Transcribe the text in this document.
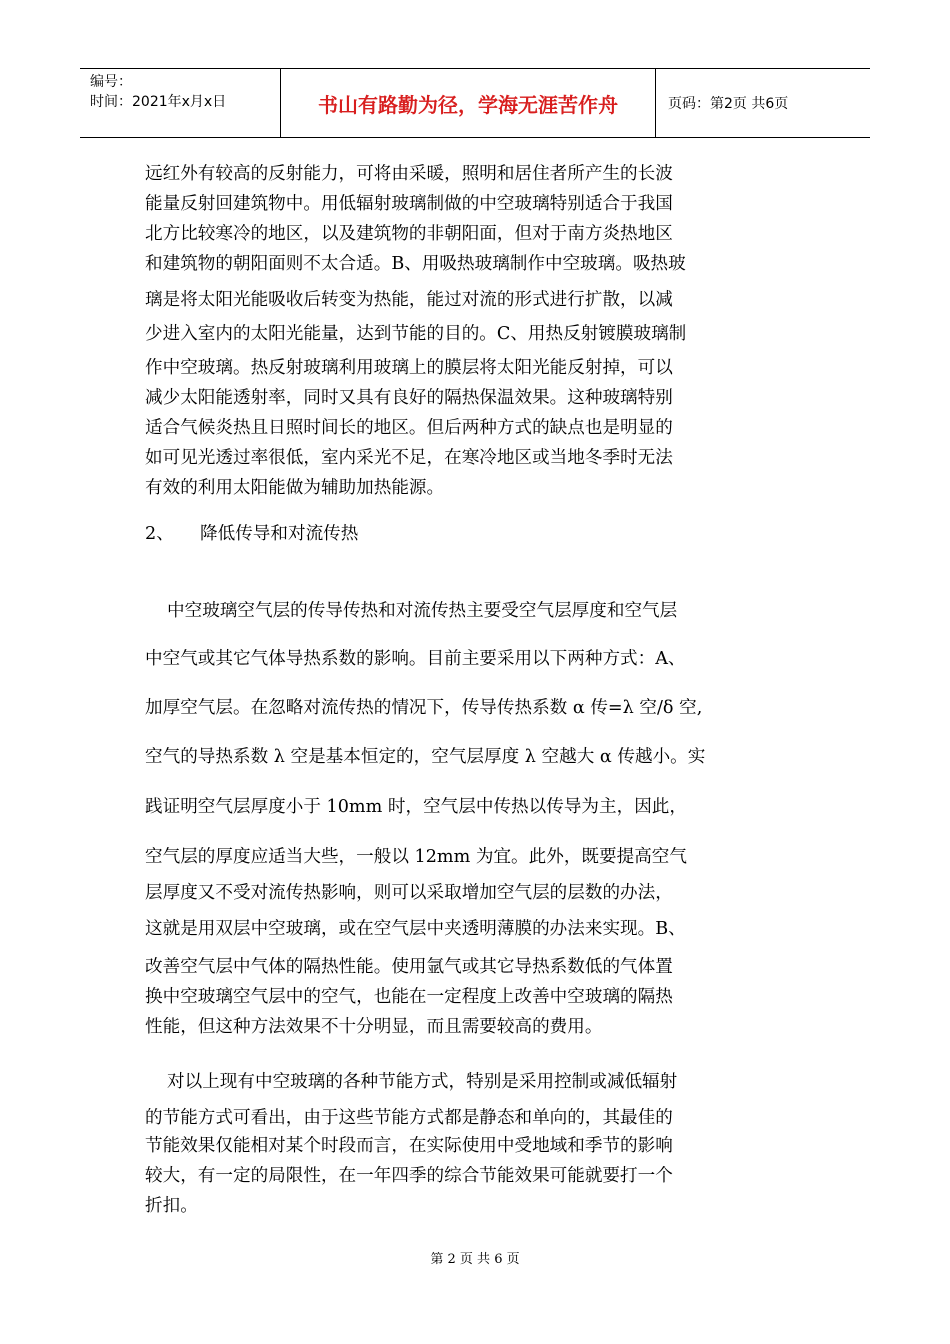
编号：
时间：2021年x月x日	书山有路勤为径，学海无涯苦作舟	页码：第2页 共6页
远红外有较高的反射能力，可将由采暖，照明和居住者所产生的长波
能量反射回建筑物中。用低辐射玻璃制做的中空玻璃特别适合于我国
北方比较寒冷的地区，以及建筑物的非朝阳面，但对于南方炎热地区
和建筑物的朝阳面则不太合适。B、用吸热玻璃制作中空玻璃。吸热玻
璃是将太阳光能吸收后转变为热能，能过对流的形式进行扩散，以减
少进入室内的太阳光能量，达到节能的目的。C、用热反射镀膜玻璃制
作中空玻璃。热反射玻璃利用玻璃上的膜层将太阳光能反射掉，可以
减少太阳能透射率，同时又具有良好的隔热保温效果。这种玻璃特别
适合气候炎热且日照时间长的地区。但后两种方式的缺点也是明显的
如可见光透过率很低，室内采光不足，在寒冷地区或当地冬季时无法
有效的利用太阳能做为辅助加热能源。
2、 降低传导和对流传热
中空玻璃空气层的传导传热和对流传热主要受空气层厚度和空气层
中空气或其它气体导热系数的影响。目前主要采用以下两种方式：A、
加厚空气层。在忽略对流传热的情况下，传导传热系数 α 传=λ 空/δ 空,
空气的导热系数 λ 空是基本恒定的，空气层厚度 λ 空越大 α 传越小。实
践证明空气层厚度小于 10mm 时，空气层中传热以传导为主，因此，
空气层的厚度应适当大些，一般以 12mm 为宜。此外，既要提高空气
层厚度又不受对流传热影响，则可以采取增加空气层的层数的办法，
这就是用双层中空玻璃，或在空气层中夹透明薄膜的办法来实现。B、
改善空气层中气体的隔热性能。使用氩气或其它导热系数低的气体置
换中空玻璃空气层中的空气，也能在一定程度上改善中空玻璃的隔热
性能，但这种方法效果不十分明显，而且需要较高的费用。
对以上现有中空玻璃的各种节能方式，特别是采用控制或减低辐射
的节能方式可看出，由于这些节能方式都是静态和单向的，其最佳的
节能效果仅能相对某个时段而言，在实际使用中受地域和季节的影响
较大，有一定的局限性，在一年四季的综合节能效果可能就要打一个
折扣。
第 2 页 共 6 页
